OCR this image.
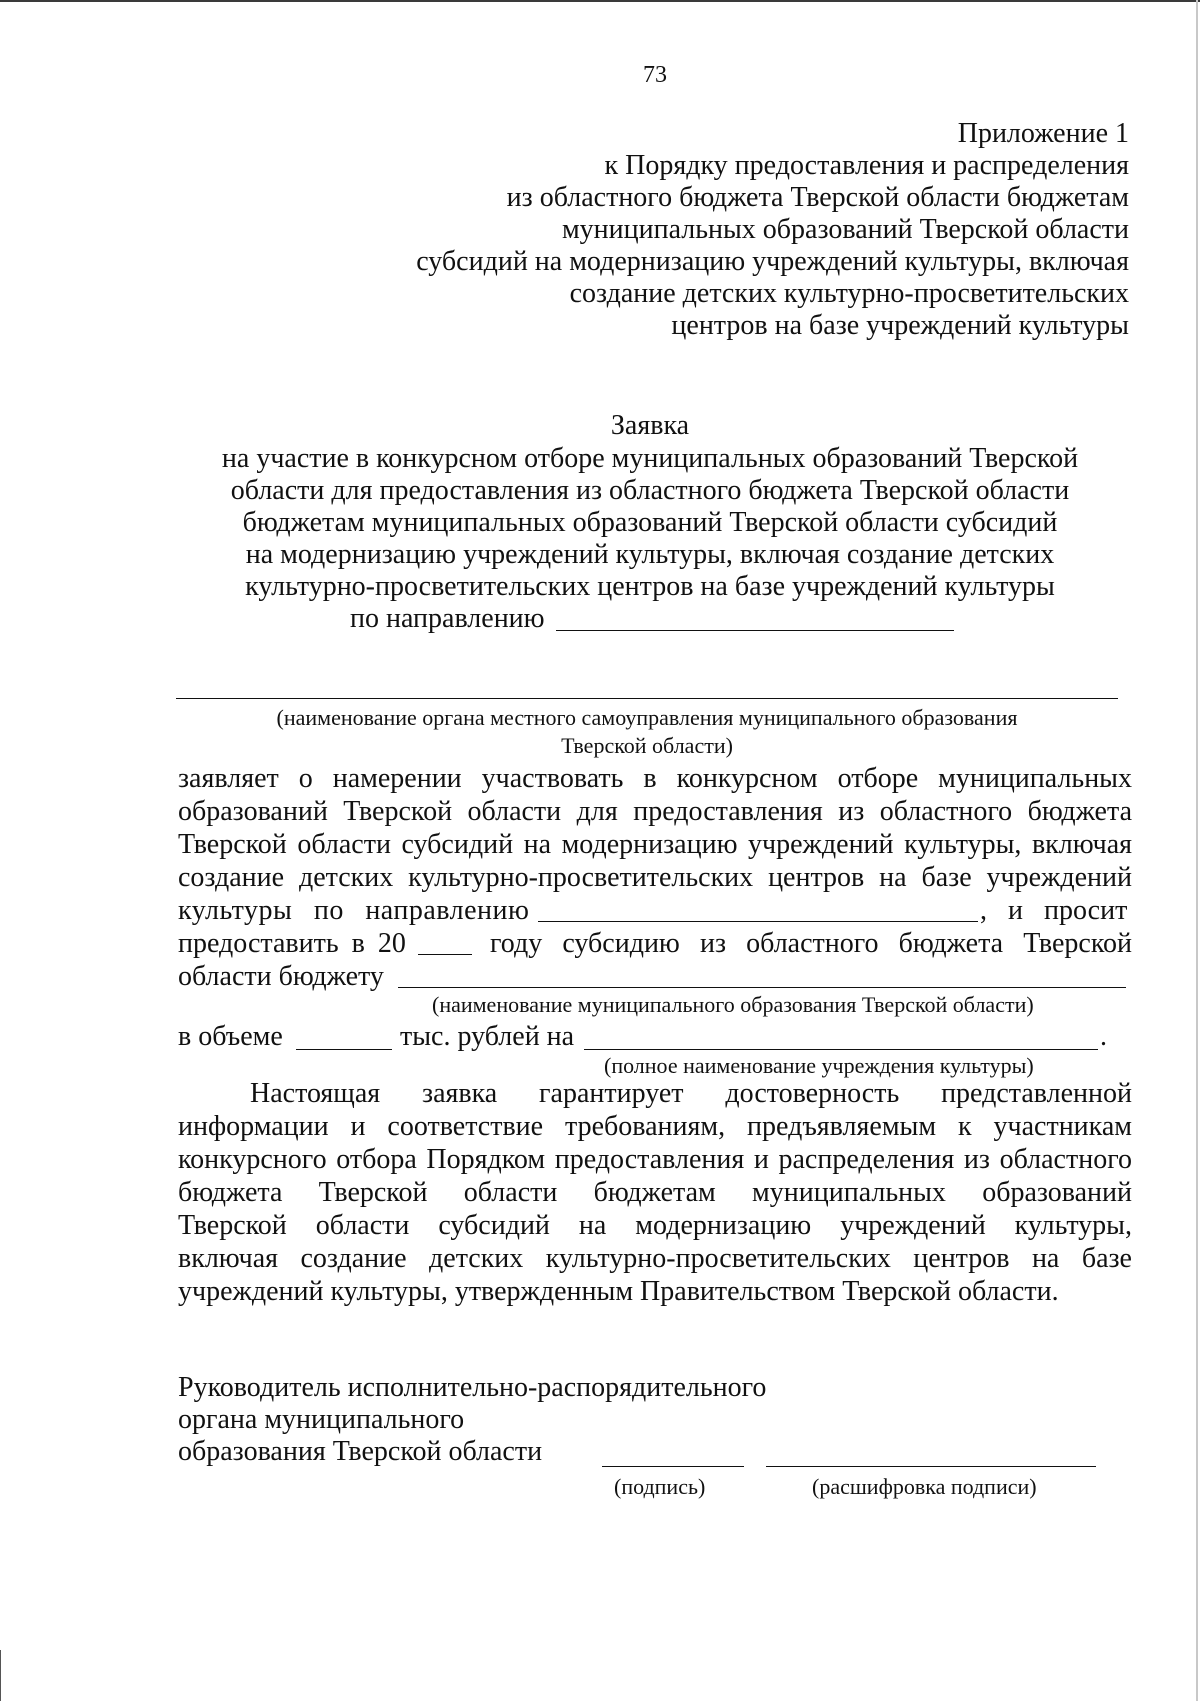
73
Приложение 1
к Порядку предоставления и распределения
из областного бюджета Тверской области бюджетам
муниципальных образований Тверской области
субсидий на модернизацию учреждений культуры, включая
создание детских культурно-просветительских
центров на базе учреждений культуры
Заявка
на участие в конкурсном отборе муниципальных образований Тверской
области для предоставления из областного бюджета Тверской области
бюджетам муниципальных образований Тверской области субсидий
на модернизацию учреждений культуры, включая создание детских
культурно-просветительских центров на базе учреждений культуры
по направлению
(наименование органа местного самоуправления муниципального образования
Тверской области)
заявляет о намерении участвовать в конкурсном отборе муниципальных
образований Тверской области для предоставления из областного бюджета
Тверской области субсидий на модернизацию учреждений культуры, включая
создание детских культурно-просветительских центров на базе учреждений
культуры по направлению	, и просит
предоставить в 20	году субсидию из областного бюджета Тверской
области бюджету
(наименование муниципального образования Тверской области)
в объеме	тыс. рублей на	.
(полное наименование учреждения культуры)
Настоящая заявка гарантирует достоверность представленной
информации и соответствие требованиям, предъявляемым к участникам
конкурсного отбора Порядком предоставления и распределения из областного
бюджета Тверской области бюджетам муниципальных образований
Тверской области субсидий на модернизацию учреждений культуры,
включая создание детских культурно-просветительских центров на базе
учреждений культуры, утвержденным Правительством Тверской области.
Руководитель исполнительно-распорядительного
органа муниципального
образования Тверской области
(подпись)	(расшифровка подписи)
